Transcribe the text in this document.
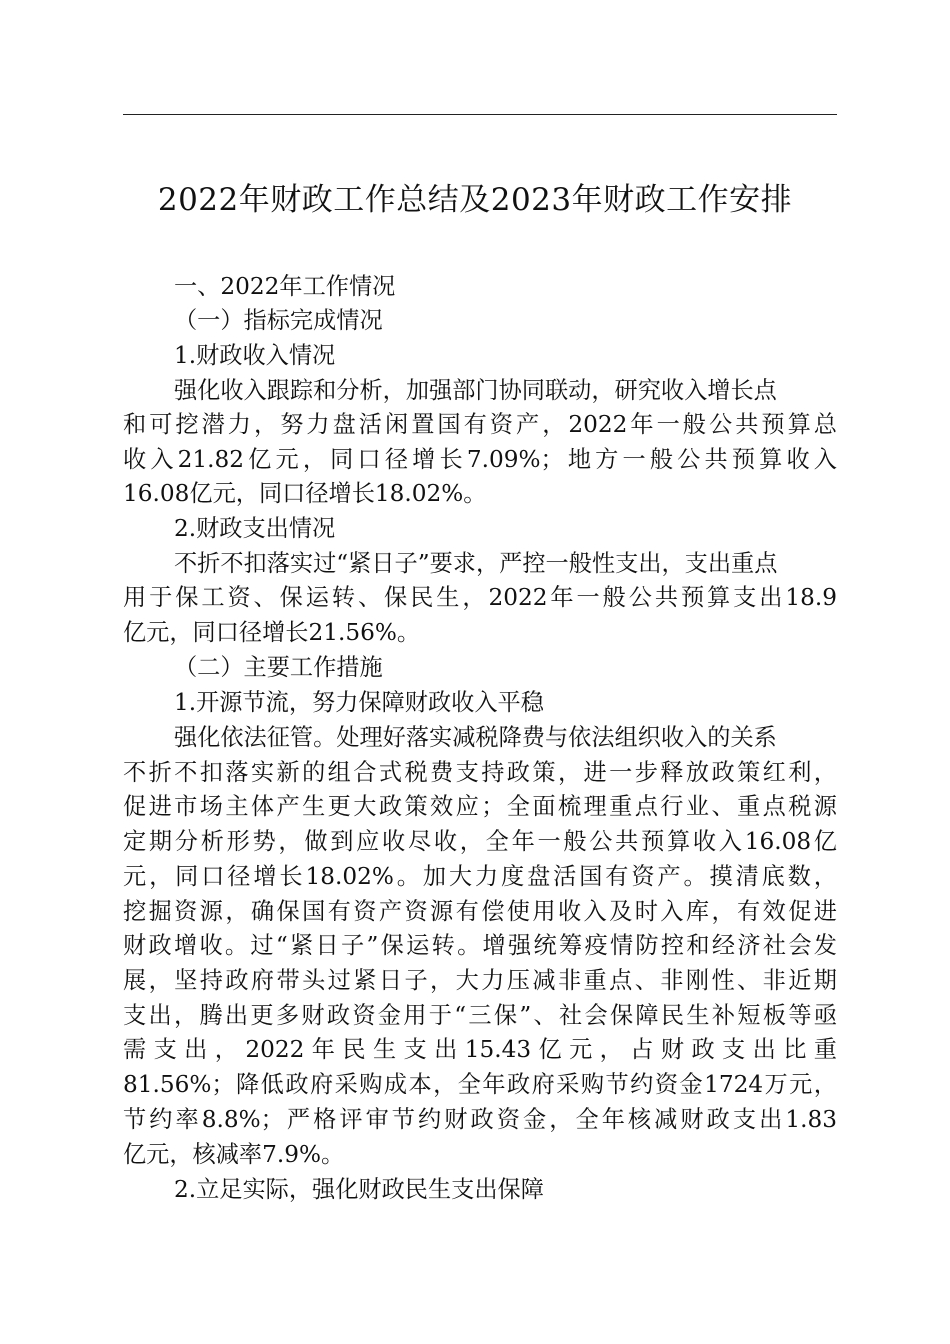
2022年财政工作总结及2023年财政工作安排
一、2022年工作情况
（一）指标完成情况
1.财政收入情况
强化收入跟踪和分析，加强部门协同联动，研究收入增长点
和可挖潜力，努力盘活闲置国有资产，2022年一般公共预算总
收入21.82亿元，同口径增长7.09%；地方一般公共预算收入
16.08亿元，同口径增长18.02%。
2.财政支出情况
不折不扣落实过“紧日子”要求，严控一般性支出，支出重点
用于保工资、保运转、保民生，2022年一般公共预算支出18.9
亿元，同口径增长21.56%。
（二）主要工作措施
1.开源节流，努力保障财政收入平稳
强化依法征管。处理好落实减税降费与依法组织收入的关系
不折不扣落实新的组合式税费支持政策，进一步释放政策红利，
促进市场主体产生更大政策效应；全面梳理重点行业、重点税源
定期分析形势，做到应收尽收，全年一般公共预算收入16.08亿
元，同口径增长18.02%。加大力度盘活国有资产。摸清底数，
挖掘资源，确保国有资产资源有偿使用收入及时入库，有效促进
财政增收。过“紧日子”保运转。增强统筹疫情防控和经济社会发
展，坚持政府带头过紧日子，大力压减非重点、非刚性、非近期
支出，腾出更多财政资金用于“三保”、社会保障民生补短板等亟
需支出，2022年民生支出15.43亿元，占财政支出比重
81.56%；降低政府采购成本，全年政府采购节约资金1724万元，
节约率8.8%；严格评审节约财政资金，全年核减财政支出1.83
亿元，核减率7.9%。
2.立足实际，强化财政民生支出保障
